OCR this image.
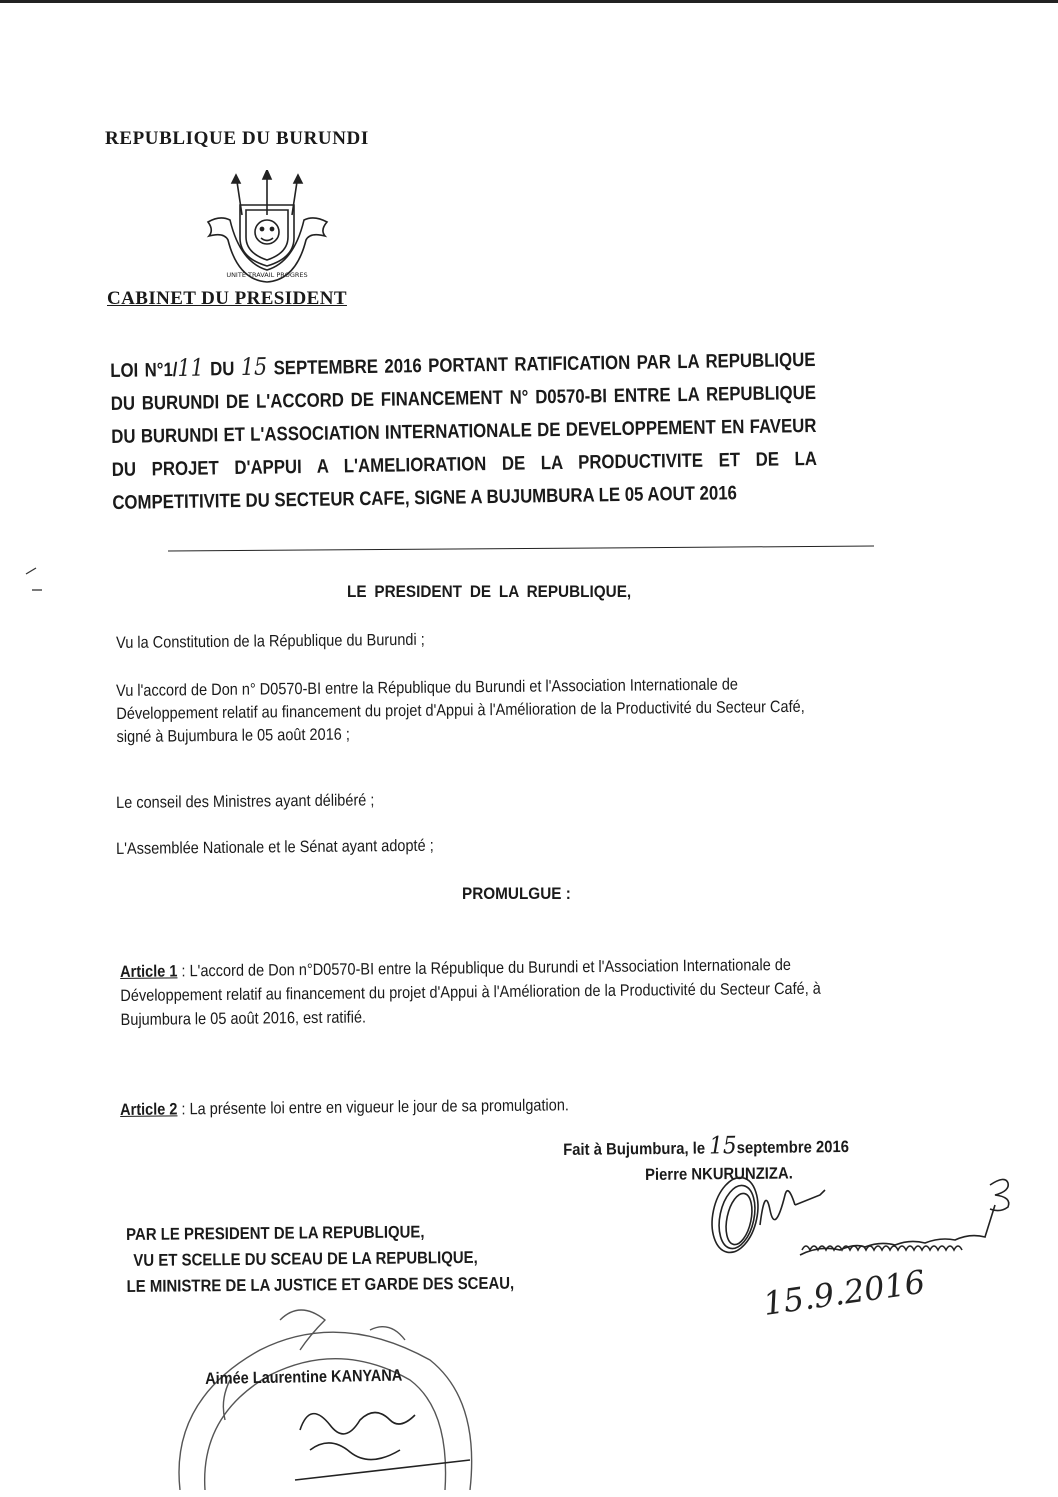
REPUBLIQUE DU BURUNDI
UNITE TRAVAIL PROGRES
CABINET DU PRESIDENT
LOI N°1/11 DU 15 SEPTEMBRE 2016 PORTANT RATIFICATION PAR LA REPUBLIQUE DU BURUNDI DE L'ACCORD DE FINANCEMENT N° D0570-BI ENTRE LA REPUBLIQUE DU BURUNDI ET L'ASSOCIATION INTERNATIONALE DE DEVELOPPEMENT EN FAVEUR DU PROJET D'APPUI A L'AMELIORATION DE LA PRODUCTIVITE ET DE LA COMPETITIVITE DU SECTEUR CAFE, SIGNE A BUJUMBURA LE 05 AOUT 2016
LE PRESIDENT DE LA REPUBLIQUE,
Vu la Constitution de la République du Burundi ;
Vu l'accord de Don n° D0570-BI entre la République du Burundi et l'Association Internationale de Développement relatif au financement du projet d'Appui à l'Amélioration de la Productivité du Secteur Café, signé à Bujumbura le 05 août 2016 ;
Le conseil des Ministres ayant délibéré ;
L'Assemblée Nationale et le Sénat ayant adopté ;
PROMULGUE :
Article 1 : L'accord de Don n°D0570-BI entre la République du Burundi et l'Association Internationale de Développement relatif au financement du projet d'Appui à l'Amélioration de la Productivité du Secteur Café, à Bujumbura le 05 août 2016, est ratifié.
Article 2 : La présente loi entre en vigueur le jour de sa promulgation.
Fait à Bujumbura, le 15septembre 2016
Pierre NKURUNZIZA.
15.9.2016
PAR LE PRESIDENT DE LA REPUBLIQUE,
VU ET SCELLE DU SCEAU DE LA REPUBLIQUE,
LE MINISTRE DE LA JUSTICE ET GARDE DES SCEAU,
Aimée Laurentine KANYANA
